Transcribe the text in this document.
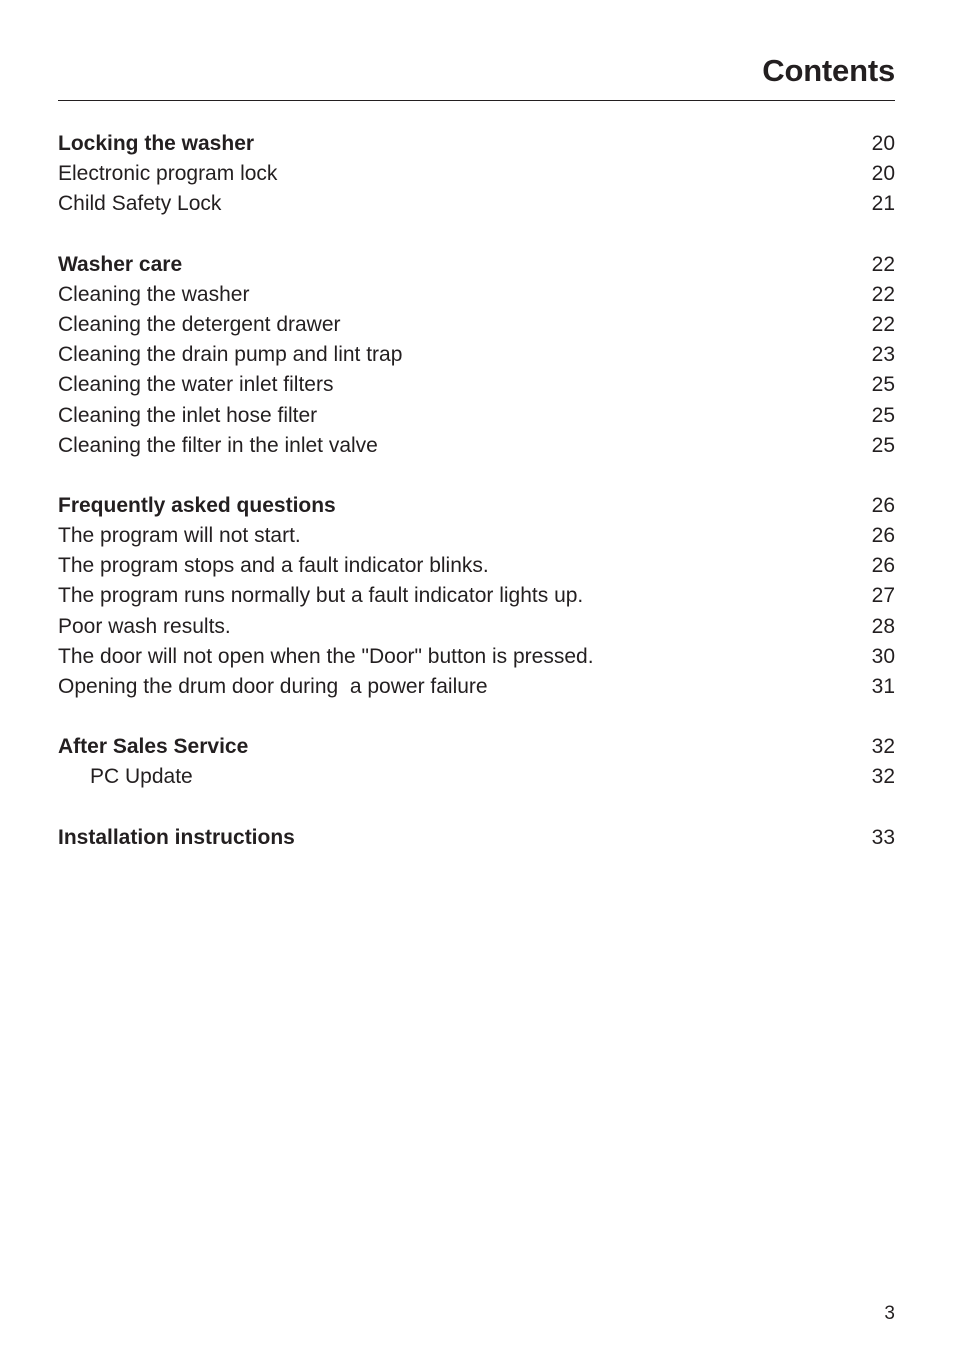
Contents
Locking the washer	20
Electronic program lock	20
Child Safety Lock	21
Washer care	22
Cleaning the washer	22
Cleaning the detergent drawer	22
Cleaning the drain pump and lint trap	23
Cleaning the water inlet filters	25
Cleaning the inlet hose filter	25
Cleaning the filter in the inlet valve	25
Frequently asked questions	26
The program will not start.	26
The program stops and a fault indicator blinks.	26
The program runs normally but a fault indicator lights up.	27
Poor wash results.	28
The door will not open when the "Door" button is pressed.	30
Opening the drum door during  a power failure	31
After Sales Service	32
PC Update	32
Installation instructions	33
3
